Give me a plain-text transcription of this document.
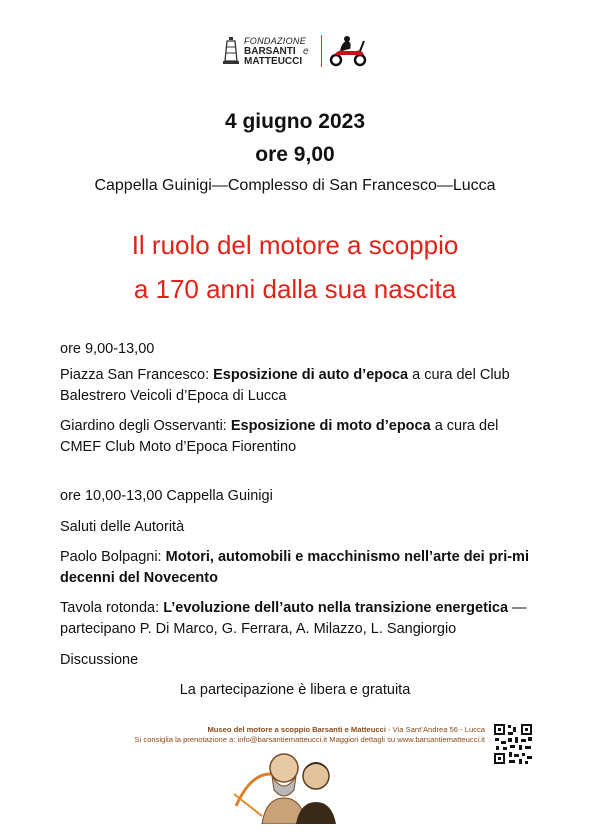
FONDAZIONE
BARSANTI e
MATTEUCCI
4 giugno 2023
ore 9,00
Cappella Guinigi—Complesso di San Francesco—Lucca
Il ruolo del motore a scoppio
a 170 anni dalla sua nascita
ore 9,00-13,00
Piazza San Francesco: Esposizione di auto d’epoca a cura del Club Balestrero Veicoli d’Epoca di Lucca
Giardino degli Osservanti: Esposizione di moto d’epoca a cura del CMEF Club Moto d’Epoca Fiorentino
ore 10,00-13,00 Cappella Guinigi
Saluti delle Autorità
Paolo Bolpagni: Motori, automobili e macchinismo nell’arte dei pri-mi decenni del Novecento
Tavola rotonda: L’evoluzione dell’auto nella transizione energetica — partecipano P. Di Marco, G. Ferrara, A. Milazzo, L. Sangiorgio
Discussione
La partecipazione è libera e gratuita
Museo del motore a scoppio Barsanti e Matteucci - Via Sant’Andrea 56 - Lucca
Si consiglia la prenotazione a: info@barsantiematteucci.it Maggiori dettagli su www.barsantiematteucci.it
